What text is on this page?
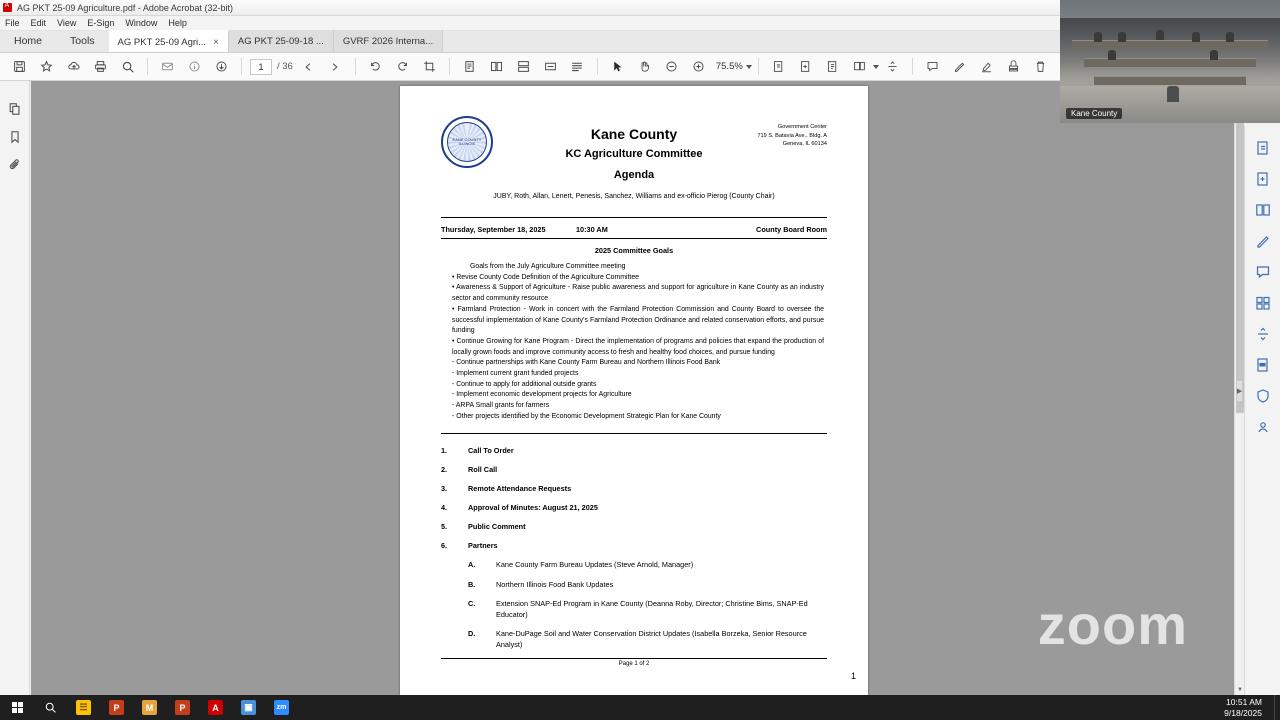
A
AG PKT 25-09 Agriculture.pdf - Adobe Acrobat (32-bit)
File Edit View E-Sign Window Help
Home	Tools	AG PKT 25-09 Agri... × AG PKT 25-09-18 ... GVRF 2026 Interna...
1	/ 36	75.5%
KANE COUNTY ILLINOIS
Kane County
KC Agriculture Committee
Agenda
Government Center
719 S. Batavia Ave., Bldg. A
Geneva, IL 60134
JUBY, Roth, Allan, Lenert, Penesis, Sanchez, Williams and ex-officio Pierog (County Chair)
Thursday, September 18, 2025	10:30 AM	County Board Room
2025 Committee Goals
Goals from the July Agriculture Committee meeting
• Revise County Code Definition of the Agriculture Committee
• Awareness & Support of Agriculture - Raise public awareness and support for agriculture in Kane County as an industry sector and community resource
• Farmland Protection - Work in concert with the Farmland Protection Commission and County Board to oversee the successful implementation of Kane County’s Farmland Protection Ordinance and related conservation efforts, and pursue funding
• Continue Growing for Kane Program - Direct the implementation of programs and policies that expand the production of locally grown foods and improve community access to fresh and healthy food choices, and pursue funding
- Continue partnerships with Kane County Farm Bureau and Northern Illinois Food Bank
- Implement current grant funded projects
- Continue to apply for additional outside grants
- Implement economic development projects for Agriculture
- ARPA Small grants for farmers
- Other projects identified by the Economic Development Strategic Plan for Kane County
1.	Call To Order
2.	Roll Call
3.	Remote Attendance Requests
4.	Approval of Minutes: August 21, 2025
5.	Public Comment
6.	Partners
A.	Kane County Farm Bureau Updates (Steve Arnold, Manager)
B.	Northern Illinois Food Bank Updates
C.	Extension SNAP-Ed Program in Kane County (Deanna Roby, Director; Christine Bims, SNAP-Ed Educator)
D.	Kane-DuPage Soil and Water Conservation District Updates (Isabella Borzeka, Senior Resource Analyst)
Page 1 of 2
1
zoom
▼
▶
Kane County
☰	P	M	P	A	▣	zm
10:51 AM
9/18/2025
